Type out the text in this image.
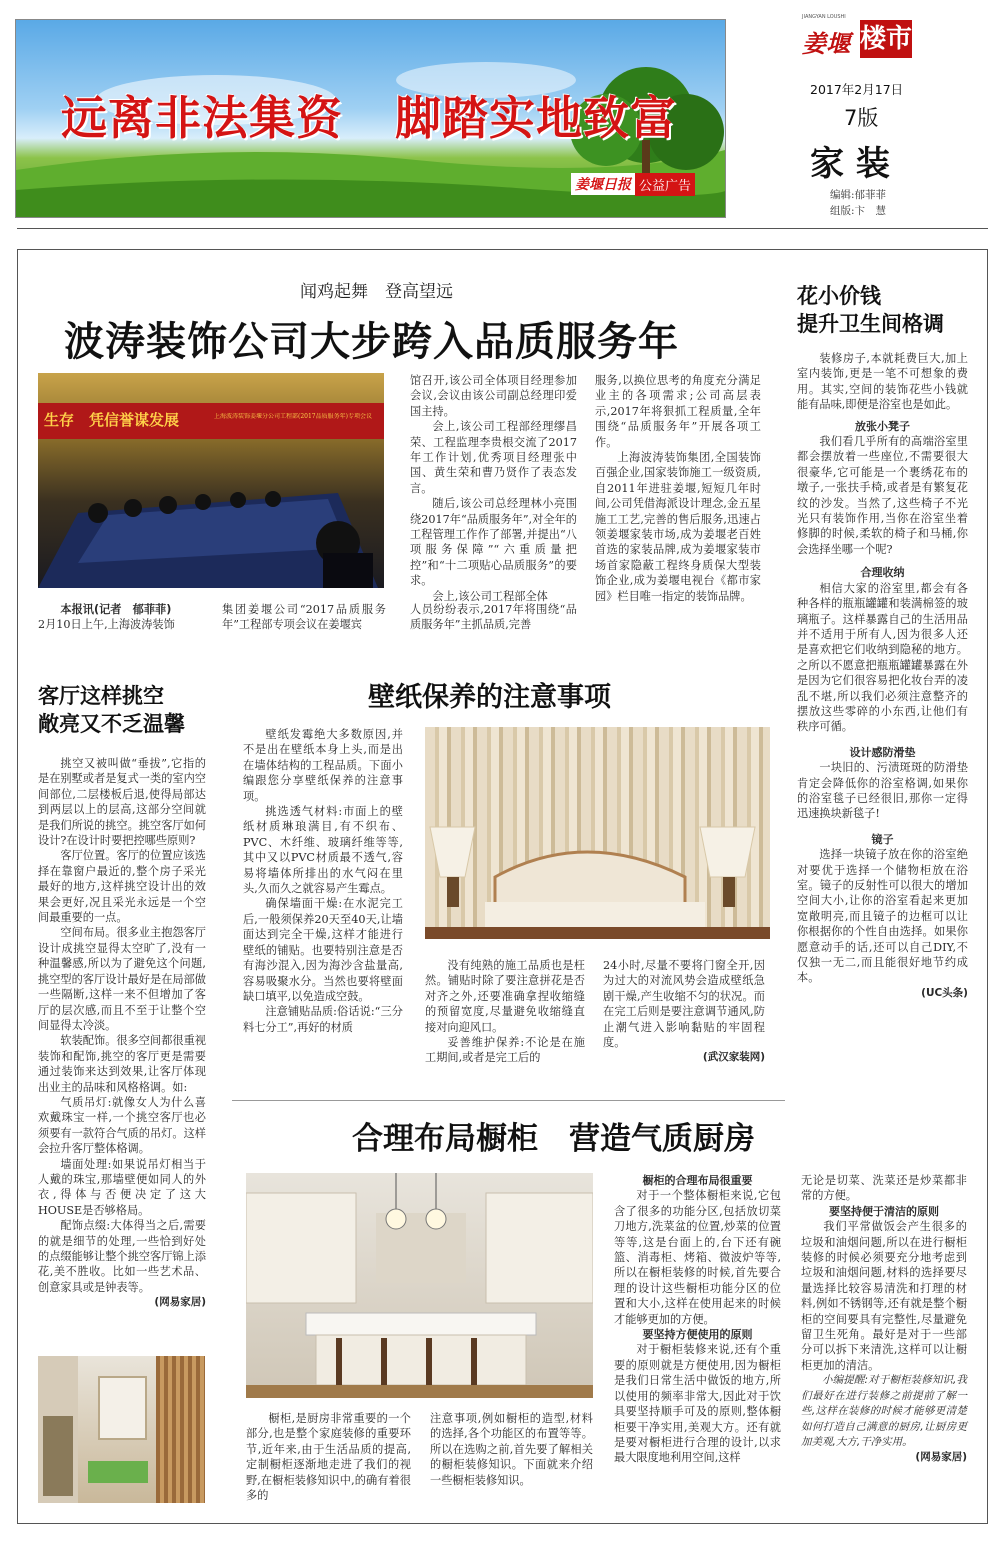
远离非法集资 脚踏实地致富
姜堰日报 公益广告
JIANGYAN LOUSHI
姜堰 楼市
2017年2月17日
7版
家 装
编辑:郁菲菲
组版:卞　慧
闻鸡起舞　登高望远
波涛装饰公司大步跨入品质服务年
生存　凭信誉谋发展	上海波涛装饰姜堰分公司工程部(2017品质服务年)专项会议

本报讯(记者　郁菲菲)

2月10日上午,上海波涛装饰

集团姜堰公司“2017品质服务年”工程部专项会议在姜堰宾

馆召开,该公司全体项目经理参加会议,会议由该公司副总经理印爱国主持。

会上,该公司工程部经理缪昌荣、工程监理李贵根交流了2017年工作计划,优秀项目经理张中国、黄生荣和曹乃贤作了表态发言。

随后,该公司总经理林小亮围绕2017年“品质服务年”,对全年的工程管理工作作了部署,并提出“八项服务保障”“六重质量把控”和“十二项贴心品质服务”的要求。

会上,该公司工程部全体

人员纷纷表示,2017年将围绕“品质服务年”主抓品质,完善

服务,以换位思考的角度充分满足业主的各项需求;公司高层表示,2017年将狠抓工程质量,全年围绕“品质服务年”开展各项工作。

上海波涛装饰集团,全国装饰百强企业,国家装饰施工一级资质,自2011年进驻姜堰,短短几年时间,公司凭借海派设计理念,金五星施工工艺,完善的售后服务,迅速占领姜堰家装市场,成为姜堰老百姓首选的家装品牌,成为姜堰家装市场首家隐蔽工程终身质保大型装饰企业,成为姜堰电视台《都市家园》栏目唯一指定的装饰品牌。

花小价钱
提升卫生间格调

装修房子,本就耗费巨大,加上室内装饰,更是一笔不可想象的费用。其实,空间的装饰花些小钱就能有品味,即便是浴室也是如此。

放张小凳子

我们看几乎所有的高端浴室里都会摆放着一些座位,不需要很大很豪华,它可能是一个裹绣花布的墩子,一张扶手椅,或者是有繁复花纹的沙发。当然了,这些椅子不光光只有装饰作用,当你在浴室坐着修脚的时候,柔软的椅子和马桶,你会选择坐哪一个呢?

合理收纳

相信大家的浴室里,都会有各种各样的瓶瓶罐罐和装满棉签的玻璃瓶子。这样暴露自己的生活用品并不适用于所有人,因为很多人还是喜欢把它们收纳到隐秘的地方。之所以不愿意把瓶瓶罐罐暴露在外是因为它们很容易把化妆台弄的凌乱不堪,所以我们必须注意整齐的摆放这些零碎的小东西,让他们有秩序可循。

设计感防滑垫

一块旧的、污渍斑斑的防滑垫肯定会降低你的浴室格调,如果你的浴室毯子已经很旧,那你一定得迅速换块新毯子!

镜子

选择一块镜子放在你的浴室绝对要优于选择一个储物柜放在浴室。镜子的反射性可以很大的增加空间大小,让你的浴室看起来更加宽敞明亮,而且镜子的边框可以让你根据你的个性自由选择。如果你愿意动手的话,还可以自己DIY,不仅独一无二,而且能很好地节约成本。

(UC头条)

客厅这样挑空
敞亮又不乏温馨

挑空又被叫做“垂拔”,它指的是在别墅或者是复式一类的室内空间部位,二层楼板后退,使得局部达到两层以上的层高,这部分空间就是我们所说的挑空。挑空客厅如何设计?在设计时要把控哪些原则?

客厅位置。客厅的位置应该选择在靠窗户最近的,整个房子采光最好的地方,这样挑空设计出的效果会更好,况且采光永远是一个空间最重要的一点。

空间布局。很多业主抱怨客厅设计成挑空显得太空旷了,没有一种温馨感,所以为了避免这个问题,挑空型的客厅设计最好是在局部做一些隔断,这样一来不但增加了客厅的层次感,而且不至于让整个空间显得太冷淡。

软装配饰。很多空间都很重视装饰和配饰,挑空的客厅更是需要通过装饰来达到效果,让客厅体现出业主的品味和风格格调。如:

气质吊灯:就像女人为什么喜欢戴珠宝一样,一个挑空客厅也必须要有一款符合气质的吊灯。这样会拉升客厅整体格调。

墙面处理:如果说吊灯相当于人戴的珠宝,那墙壁便如同人的外衣,得体与否便决定了这大HOUSE是否够格局。

配饰点缀:大体得当之后,需要的就是细节的处理,一些恰到好处的点缀能够让整个挑空客厅锦上添花,美不胜收。比如一些艺术品、创意家具或是钟表等。

(网易家居)

壁纸保养的注意事项

壁纸发霉绝大多数原因,并不是出在壁纸本身上头,而是出在墙体结构的工程品质。下面小编跟您分享壁纸保养的注意事项。

挑选透气材料:市面上的壁纸材质琳琅满目,有不织布、PVC、木纤维、玻璃纤维等等,其中又以PVC材质最不透气,容易将墙体所排出的水气闷在里头,久而久之就容易产生霉点。

确保墙面干燥:在水泥完工后,一般须保养20天至40天,让墙面达到完全干燥,这样才能进行壁纸的铺贴。也要特别注意是否有海沙混入,因为海沙含盐量高,容易吸聚水分。当然也要将壁面缺口填平,以免造成空鼓。

注意铺贴品质:俗话说:“三分料七分工”,再好的材质

没有纯熟的施工品质也是枉然。铺贴时除了要注意拼花是否对齐之外,还要准确拿捏收缩缝的预留宽度,尽量避免收缩缝直接对向迎风口。

妥善维护保养:不论是在施工期间,或者是完工后的

24小时,尽量不要将门窗全开,因为过大的对流风势会造成壁纸急剧干燥,产生收缩不匀的状况。而在完工后则是要注意调节通风,防止潮气进入影响黏贴的牢固程度。

(武汉家装网)

合理布局橱柜　营造气质厨房

橱柜,是厨房非常重要的一个部分,也是整个家庭装修的重要环节,近年来,由于生活品质的提高,定制橱柜逐渐地走进了我们的视野,在橱柜装修知识中,的确有着很多的

注意事项,例如橱柜的造型,材料的选择,各个功能区的布置等等。所以在选购之前,首先要了解相关的橱柜装修知识。下面就来介绍一些橱柜装修知识。

橱柜的合理布局很重要

对于一个整体橱柜来说,它包含了很多的功能分区,包括放切菜刀地方,洗菜盆的位置,炒菜的位置等等,这是台面上的,台下还有碗篮、消毒柜、烤箱、微波炉等等,所以在橱柜装修的时候,首先要合理的设计这些橱柜功能分区的位置和大小,这样在使用起来的时候才能够更加的方便。

要坚持方便使用的原则

对于橱柜装修来说,还有个重要的原则就是方便使用,因为橱柜是我们日常生活中做饭的地方,所以使用的频率非常大,因此对于饮具要坚持顺手可及的原则,整体橱柜要干净实用,美观大方。还有就是要对橱柜进行合理的设计,以求最大限度地利用空间,这样

无论是切菜、洗菜还是炒菜都非常的方便。

要坚持便于清洁的原则

我们平常做饭会产生很多的垃圾和油烟问题,所以在进行橱柜装修的时候必须要充分地考虑到垃圾和油烟问题,材料的选择要尽量选择比较容易清洗和打理的材料,例如不锈钢等,还有就是整个橱柜的空间要具有完整性,尽量避免留卫生死角。最好是对于一些部分可以拆下来清洗,这样可以让橱柜更加的清洁。

小编提醒:对于橱柜装修知识,我们最好在进行装修之前提前了解一些,这样在装修的时候才能够更清楚如何打造自己满意的厨房,让厨房更加美观,大方,干净实用。

(网易家居)
